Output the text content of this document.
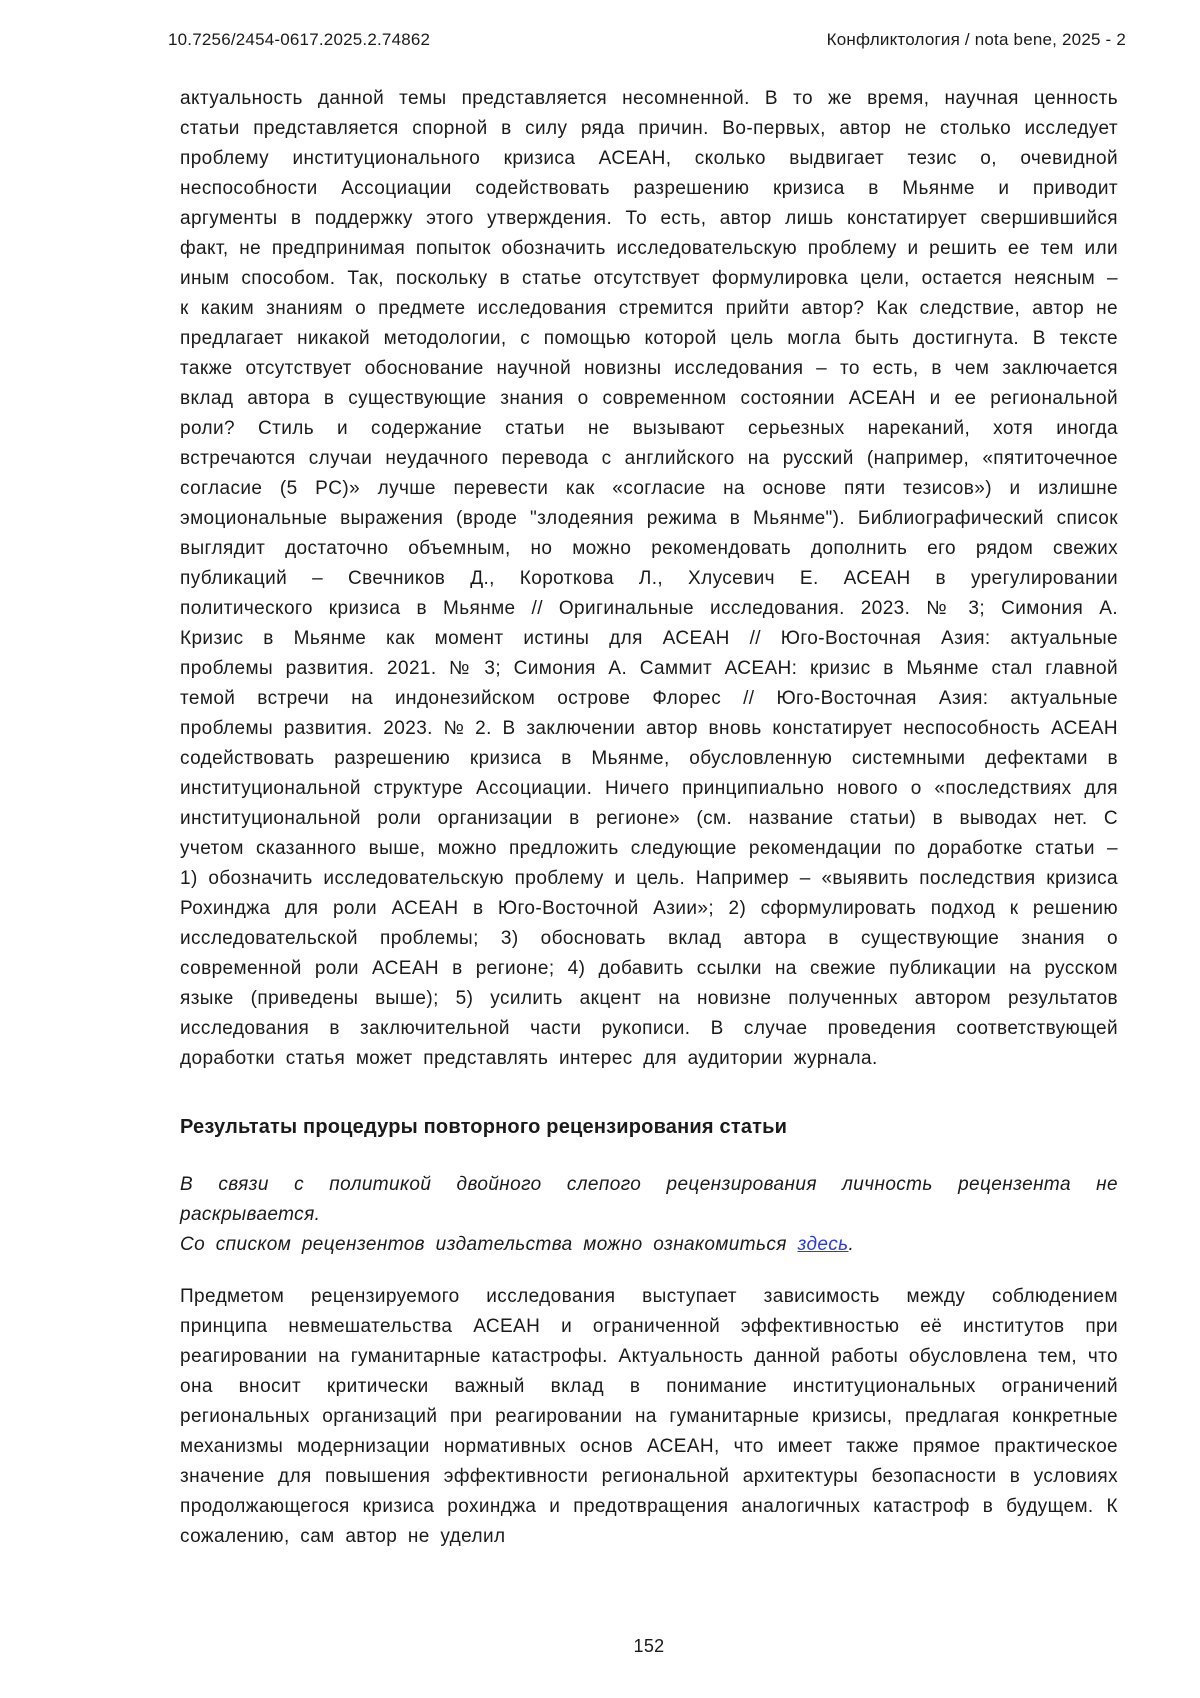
10.7256/2454-0617.2025.2.74862	Конфликтология / nota bene, 2025 - 2

актуальность данной темы представляется несомненной. В то же время, научная ценность статьи представляется спорной в силу ряда причин. Во-первых, автор не столько исследует проблему институционального кризиса АСЕАН, сколько выдвигает тезис о, очевидной неспособности Ассоциации содействовать разрешению кризиса в Мьянме и приводит аргументы в поддержку этого утверждения. То есть, автор лишь констатирует свершившийся факт, не предпринимая попыток обозначить исследовательскую проблему и решить ее тем или иным способом. Так, поскольку в статье отсутствует формулировка цели, остается неясным – к каким знаниям о предмете исследования стремится прийти автор? Как следствие, автор не предлагает никакой методологии, с помощью которой цель могла быть достигнута. В тексте также отсутствует обоснование научной новизны исследования – то есть, в чем заключается вклад автора в существующие знания о современном состоянии АСЕАН и ее региональной роли? Стиль и содержание статьи не вызывают серьезных нареканий, хотя иногда встречаются случаи неудачного перевода с английского на русский (например, «пятиточечное согласие (5 PC)» лучше перевести как «согласие на основе пяти тезисов») и излишне эмоциональные выражения (вроде "злодеяния режима в Мьянме"). Библиографический список выглядит достаточно объемным, но можно рекомендовать дополнить его рядом свежих публикаций – Свечников Д., Короткова Л., Хлусевич Е. АСЕАН в урегулировании политического кризиса в Мьянме // Оригинальные исследования. 2023. № 3; Симония А. Кризис в Мьянме как момент истины для АСЕАН // Юго-Восточная Азия: актуальные проблемы развития. 2021. № 3; Симония А. Саммит АСЕАН: кризис в Мьянме стал главной темой встречи на индонезийском острове Флорес // Юго-Восточная Азия: актуальные проблемы развития. 2023. № 2. В заключении автор вновь констатирует неспособность АСЕАН содействовать разрешению кризиса в Мьянме, обусловленную системными дефектами в институциональной структуре Ассоциации. Ничего принципиально нового о «последствиях для институциональной роли организации в регионе» (см. название статьи) в выводах нет. С учетом сказанного выше, можно предложить следующие рекомендации по доработке статьи – 1) обозначить исследовательскую проблему и цель. Например – «выявить последствия кризиса Рохинджа для роли АСЕАН в Юго-Восточной Азии»; 2) сформулировать подход к решению исследовательской проблемы; 3) обосновать вклад автора в существующие знания о современной роли АСЕАН в регионе; 4) добавить ссылки на свежие публикации на русском языке (приведены выше); 5) усилить акцент на новизне полученных автором результатов исследования в заключительной части рукописи. В случае проведения соответствующей доработки статья может представлять интерес для аудитории журнала.

Результаты процедуры повторного рецензирования статьи

В связи с политикой двойного слепого рецензирования личность рецензента не раскрывается.

Со списком рецензентов издательства можно ознакомиться здесь.

Предметом рецензируемого исследования выступает зависимость между соблюдением принципа невмешательства АСЕАН и ограниченной эффективностью её институтов при реагировании на гуманитарные катастрофы. Актуальность данной работы обусловлена тем, что она вносит критически важный вклад в понимание институциональных ограничений региональных организаций при реагировании на гуманитарные кризисы, предлагая конкретные механизмы модернизации нормативных основ АСЕАН, что имеет также прямое практическое значение для повышения эффективности региональной архитектуры безопасности в условиях продолжающегося кризиса рохинджа и предотвращения аналогичных катастроф в будущем. К сожалению, сам автор не уделил

152
